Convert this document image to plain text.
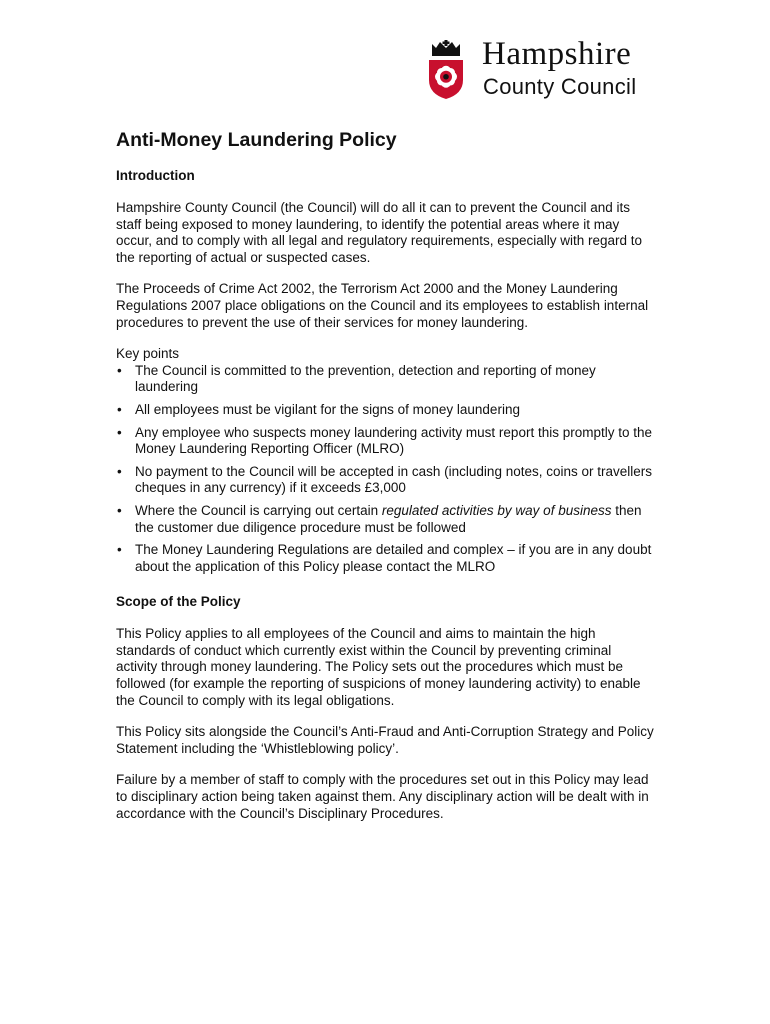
Hampshire
County Council
Anti-Money Laundering Policy
Introduction

Hampshire County Council (the Council) will do all it can to prevent the Council and its staff being exposed to money laundering, to identify the potential areas where it may occur, and to comply with all legal and regulatory requirements, especially with regard to the reporting of actual or suspected cases.

The Proceeds of Crime Act 2002, the Terrorism Act 2000 and the Money Laundering Regulations 2007 place obligations on the Council and its employees to establish internal procedures to prevent the use of their services for money laundering.

Key points

• The Council is committed to the prevention, detection and reporting of money laundering
• All employees must be vigilant for the signs of money laundering
• Any employee who suspects money laundering activity must report this promptly to the Money Laundering Reporting Officer (MLRO)
• No payment to the Council will be accepted in cash (including notes, coins or travellers cheques in any currency) if it exceeds £3,000
• Where the Council is carrying out certain regulated activities by way of business then the customer due diligence procedure must be followed
• The Money Laundering Regulations are detailed and complex – if you are in any doubt about the application of this Policy please contact the MLRO
Scope of the Policy

This Policy applies to all employees of the Council and aims to maintain the high standards of conduct which currently exist within the Council by preventing criminal activity through money laundering. The Policy sets out the procedures which must be followed (for example the reporting of suspicions of money laundering activity) to enable the Council to comply with its legal obligations.

This Policy sits alongside the Council’s Anti-Fraud and Anti-Corruption Strategy and Policy Statement including the ‘Whistleblowing policy’.

Failure by a member of staff to comply with the procedures set out in this Policy may lead to disciplinary action being taken against them. Any disciplinary action will be dealt with in accordance with the Council’s Disciplinary Procedures.
